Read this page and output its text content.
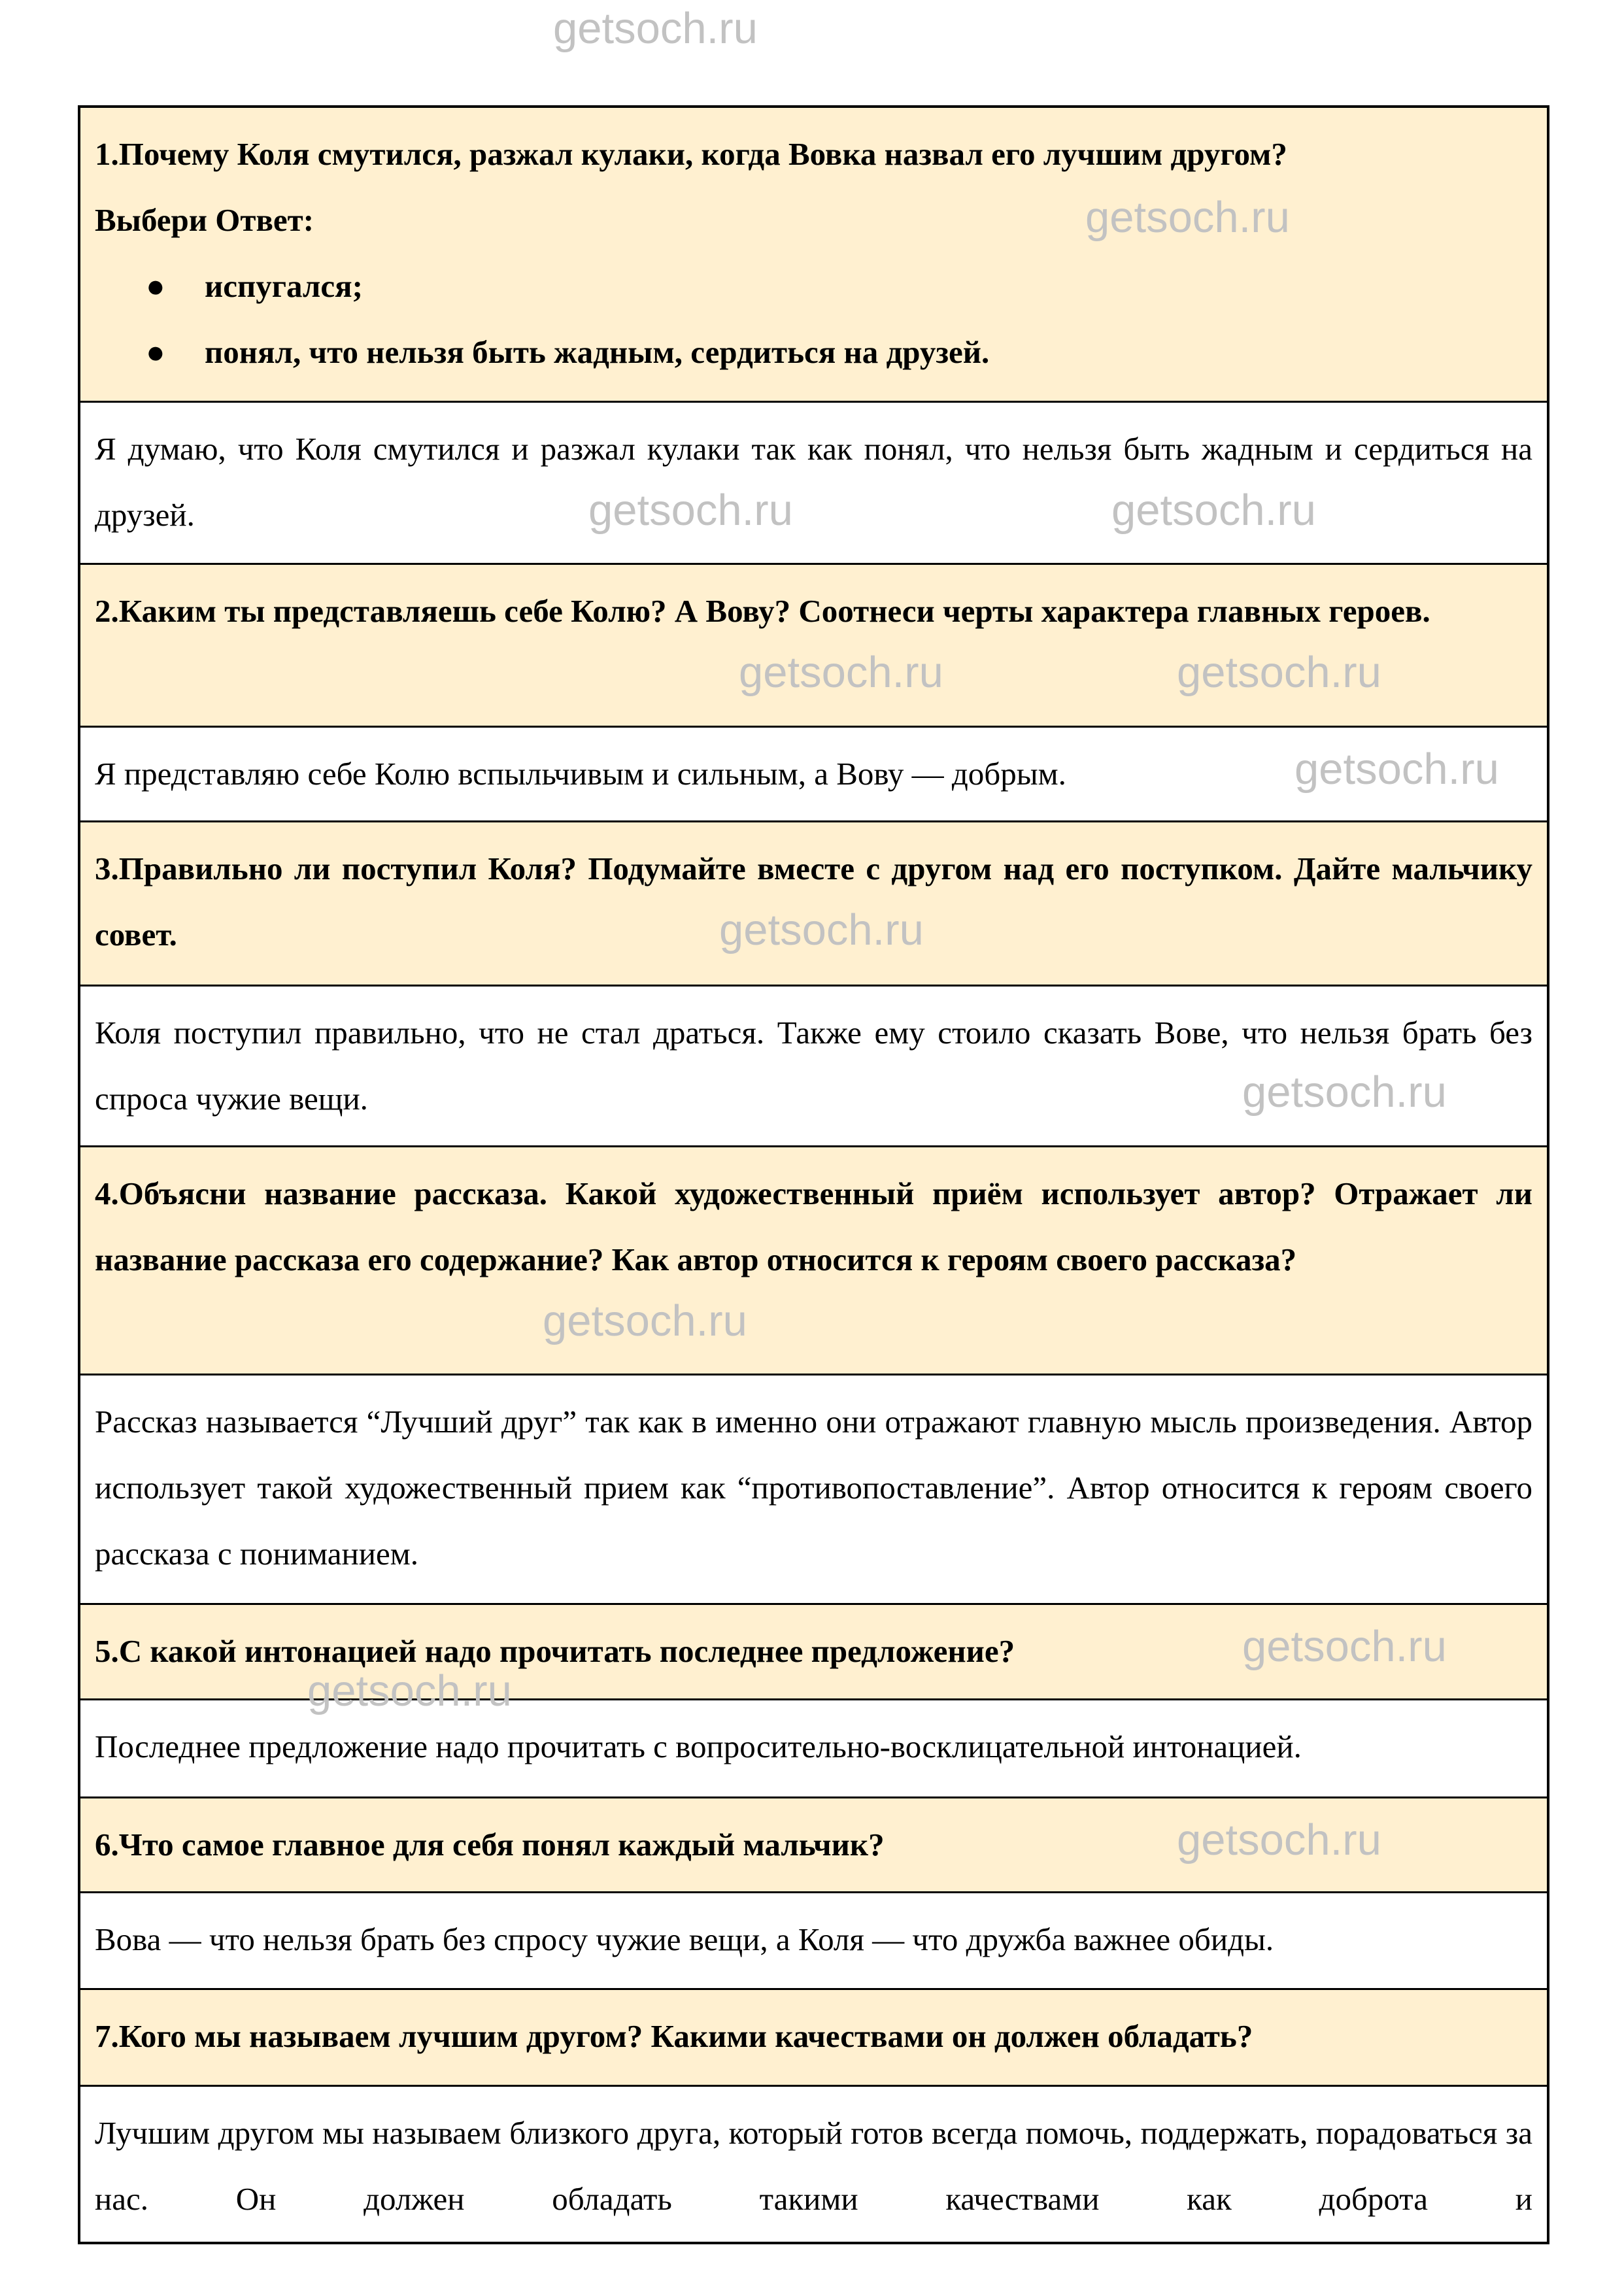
1.Почему Коля смутился, разжал кулаки, когда Вовка назвал его лучшим другом?

Выбери Ответ:

● испугался;
● понял, что нельзя быть жадным, сердиться на друзей.

Я думаю, что Коля смутился и разжал кулаки так как понял, что нельзя быть жадным и сердиться на друзей.

2.Каким ты представляешь себе Колю? А Вову? Соотнеси черты характера главных героев.

Я представляю себе Колю вспыльчивым и сильным, а Вову — добрым.

3.Правильно ли поступил Коля? Подумайте вместе с другом над его поступком. Дайте мальчику совет.

Коля поступил правильно, что не стал драться. Также ему стоило сказать Вове, что нельзя брать без спроса чужие вещи.

4.Объясни название рассказа. Какой художественный приём использует автор? Отражает ли название рассказа его содержание? Как автор относится к героям своего рассказа?

Рассказ называется “Лучший друг” так как в именно они отражают главную мысль произведения. Автор использует такой художественный прием как “противопоставление”. Автор относится к героям своего рассказа с пониманием.

5.С какой интонацией надо прочитать последнее предложение?

Последнее предложение надо прочитать с вопросительно-восклицательной интонацией.

6.Что самое главное для себя понял каждый мальчик?

Вова — что нельзя брать без спросу чужие вещи, а Коля — что дружба важнее обиды.

7.Кого мы называем лучшим другом? Какими качествами он должен обладать?

Лучшим другом мы называем близкого друга, который готов всегда помочь, поддержать, порадоваться за нас. Он должен обладать такими качествами как доброта и

getsoch.ru
getsoch.ru
getsoch.ru	getsoch.ru
getsoch.ru	getsoch.ru
getsoch.ru
getsoch.ru
getsoch.ru
getsoch.ru
getsoch.ru
getsoch.ru
getsoch.ru
